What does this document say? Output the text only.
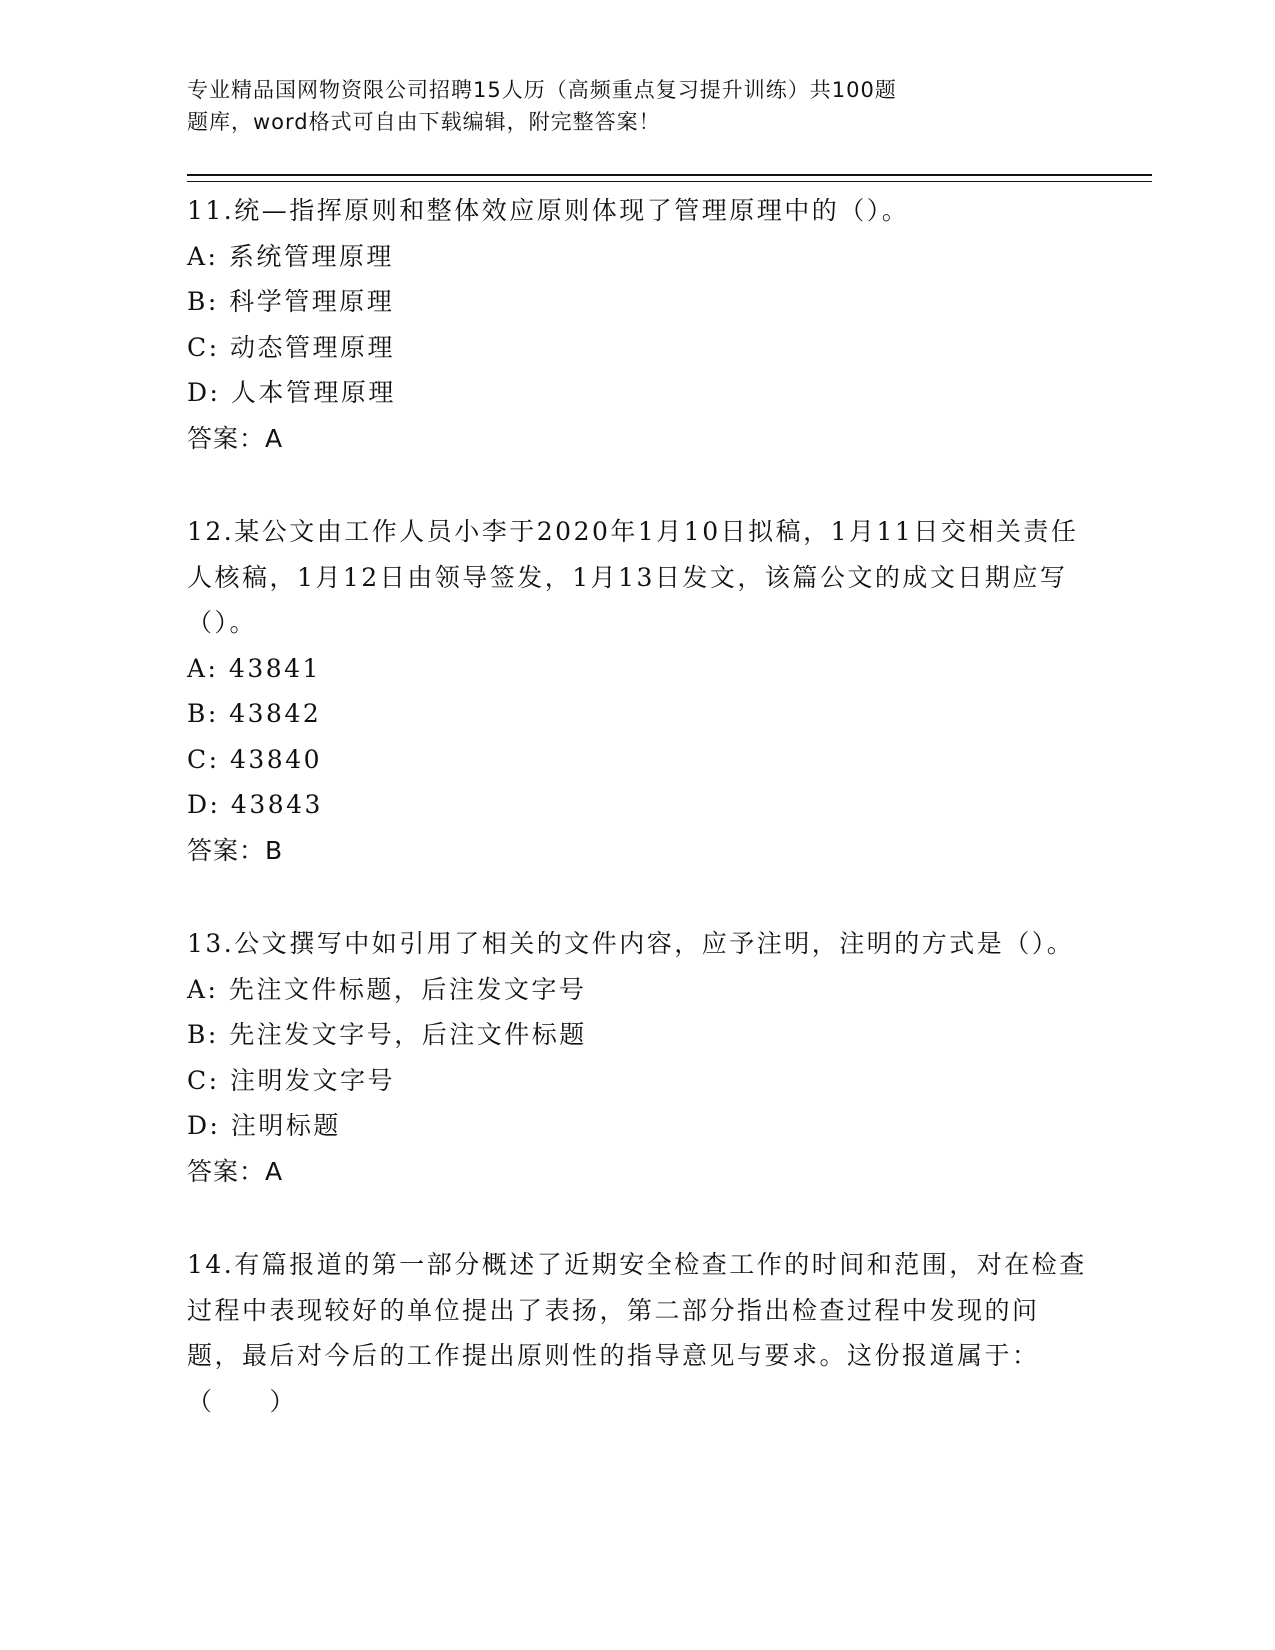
专业精品国网物资限公司招聘15人历（高频重点复习提升训练）共100题
题库，word格式可自由下载编辑，附完整答案！

11.统—指挥原则和整体效应原则体现了管理原理中的（）。

A: 系统管理原理

B: 科学管理原理

C: 动态管理原理

D: 人本管理原理

答案：A

12.某公文由工作人员小李于2020年1月10日拟稿，1月11日交相关责任人核稿，1月12日由领导签发，1月13日发文，该篇公文的成文日期应写（）。

A: 43841

B: 43842

C: 43840

D: 43843

答案：B

13.公文撰写中如引用了相关的文件内容，应予注明，注明的方式是（）。

A: 先注文件标题，后注发文字号

B: 先注发文字号，后注文件标题

C: 注明发文字号

D: 注明标题

答案：A

14.有篇报道的第一部分概述了近期安全检查工作的时间和范围，对在检查过程中表现较好的单位提出了表扬，第二部分指出检查过程中发现的问题，最后对今后的工作提出原则性的指导意见与要求。这份报道属于：（　　）
